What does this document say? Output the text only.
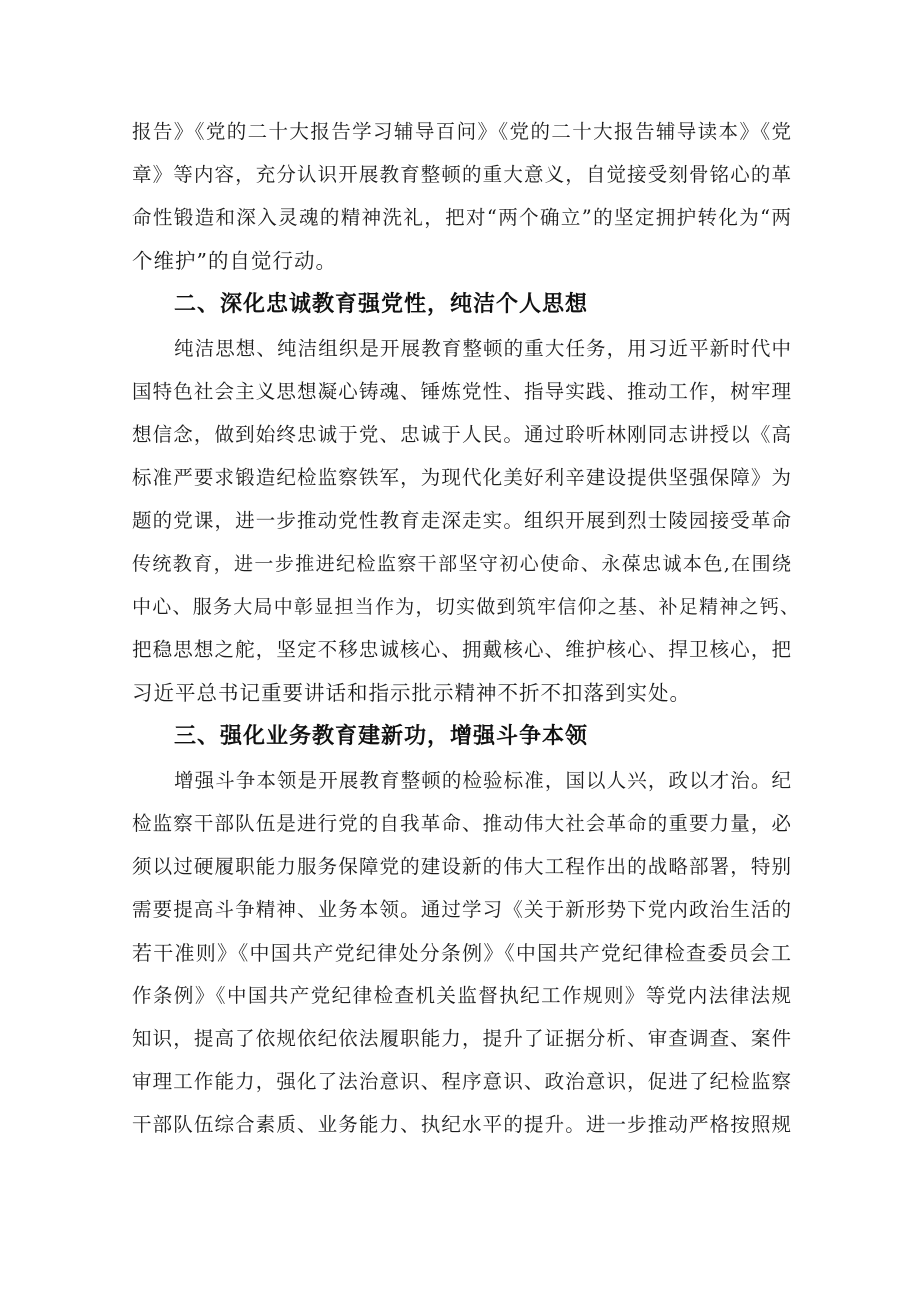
报告》《党的二十大报告学习辅导百问》《党的二十大报告辅导读本》《党
章》等内容，充分认识开展教育整顿的重大意义，自觉接受刻骨铭心的革
命性锻造和深入灵魂的精神洗礼，把对“两个确立”的坚定拥护转化为“两
个维护”的自觉行动。
二、深化忠诚教育强党性，纯洁个人思想
纯洁思想、纯洁组织是开展教育整顿的重大任务，用习近平新时代中
国特色社会主义思想凝心铸魂、锤炼党性、指导实践、推动工作，树牢理
想信念，做到始终忠诚于党、忠诚于人民。通过聆听林刚同志讲授以《高
标准严要求锻造纪检监察铁军，为现代化美好利辛建设提供坚强保障》为
题的党课，进一步推动党性教育走深走实。组织开展到烈士陵园接受革命
传统教育，进一步推进纪检监察干部坚守初心使命、永葆忠诚本色,在围绕
中心、服务大局中彰显担当作为，切实做到筑牢信仰之基、补足精神之钙、
把稳思想之舵，坚定不移忠诚核心、拥戴核心、维护核心、捍卫核心，把
习近平总书记重要讲话和指示批示精神不折不扣落到实处。
三、强化业务教育建新功，增强斗争本领
增强斗争本领是开展教育整顿的检验标准，国以人兴，政以才治。纪
检监察干部队伍是进行党的自我革命、推动伟大社会革命的重要力量，必
须以过硬履职能力服务保障党的建设新的伟大工程作出的战略部署，特别
需要提高斗争精神、业务本领。通过学习《关于新形势下党内政治生活的
若干准则》《中国共产党纪律处分条例》《中国共产党纪律检查委员会工
作条例》《中国共产党纪律检查机关监督执纪工作规则》等党内法律法规
知识，提高了依规依纪依法履职能力，提升了证据分析、审查调查、案件
审理工作能力，强化了法治意识、程序意识、政治意识，促进了纪检监察
干部队伍综合素质、业务能力、执纪水平的提升。进一步推动严格按照规
